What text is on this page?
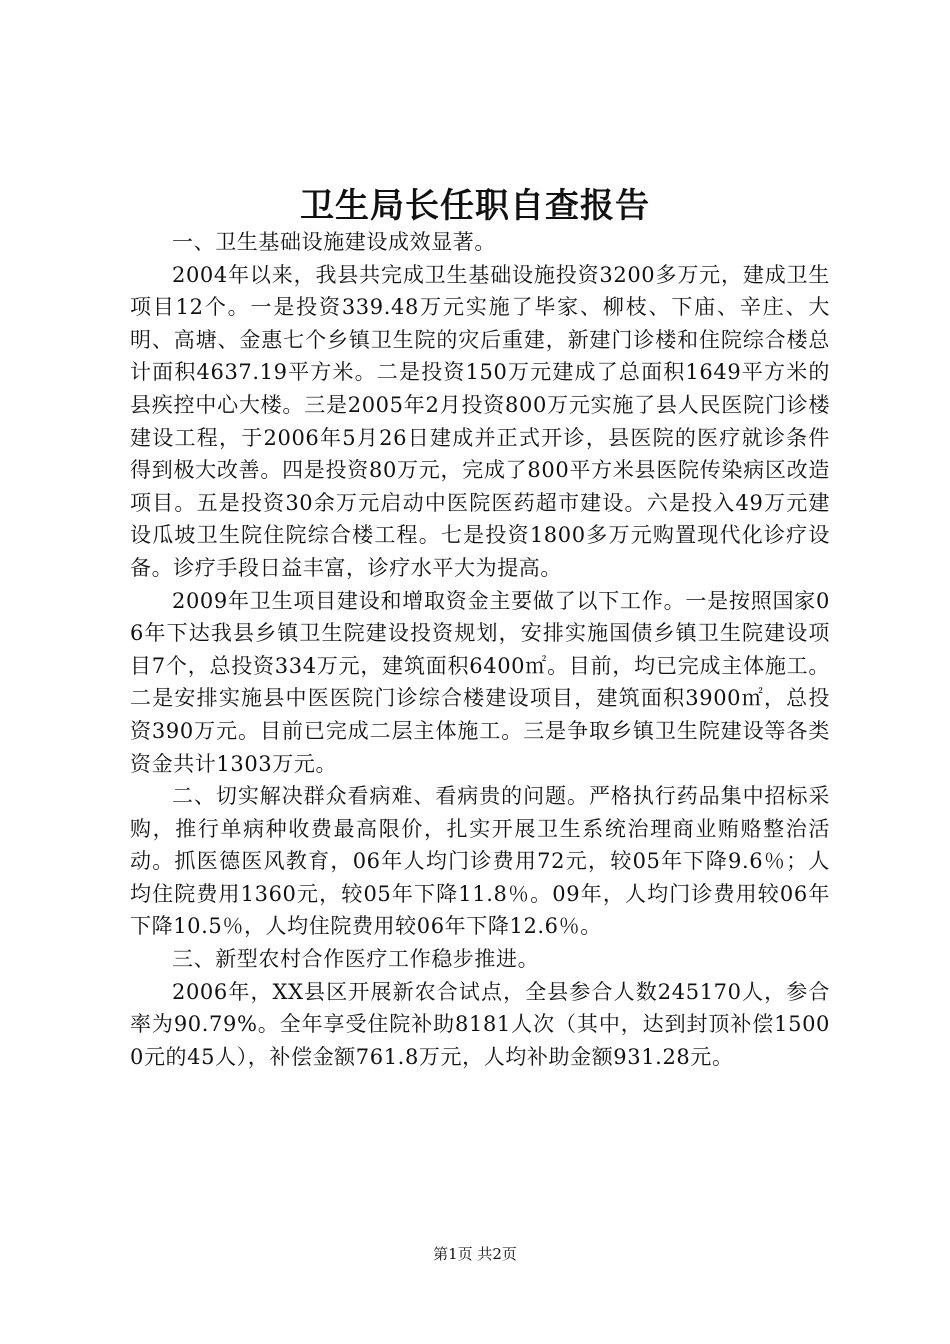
卫生局长任职自查报告

一、卫生基础设施建设成效显著。

2004年以来，我县共完成卫生基础设施投资3200多万元，建成卫生项目12个。一是投资339.48万元实施了毕家、柳枝、下庙、辛庄、大明、高塘、金惠七个乡镇卫生院的灾后重建，新建门诊楼和住院综合楼总计面积4637.19平方米。二是投资150万元建成了总面积1649平方米的县疾控中心大楼。三是2005年2月投资800万元实施了县人民医院门诊楼建设工程，于2006年5月26日建成并正式开诊，县医院的医疗就诊条件得到极大改善。四是投资80万元，完成了800平方米县医院传染病区改造项目。五是投资30余万元启动中医院医药超市建设。六是投入49万元建设瓜坡卫生院住院综合楼工程。七是投资1800多万元购置现代化诊疗设备。诊疗手段日益丰富，诊疗水平大为提高。

2009年卫生项目建设和增取资金主要做了以下工作。一是按照国家06年下达我县乡镇卫生院建设投资规划，安排实施国债乡镇卫生院建设项目7个，总投资334万元，建筑面积6400㎡。目前，均已完成主体施工。二是安排实施县中医医院门诊综合楼建设项目，建筑面积3900㎡，总投资390万元。目前已完成二层主体施工。三是争取乡镇卫生院建设等各类资金共计1303万元。

二、切实解决群众看病难、看病贵的问题。严格执行药品集中招标采购，推行单病种收费最高限价，扎实开展卫生系统治理商业贿赂整治活动。抓医德医风教育，06年人均门诊费用72元，较05年下降9.6％；人均住院费用1360元，较05年下降11.8％。09年，人均门诊费用较06年下降10.5％，人均住院费用较06年下降12.6％。

三、新型农村合作医疗工作稳步推进。

2006年，XX县区开展新农合试点，全县参合人数245170人，参合率为90.79%。全年享受住院补助8181人次（其中，达到封顶补偿15000元的45人），补偿金额761.8万元，人均补助金额931.28元。

第1页 共2页
